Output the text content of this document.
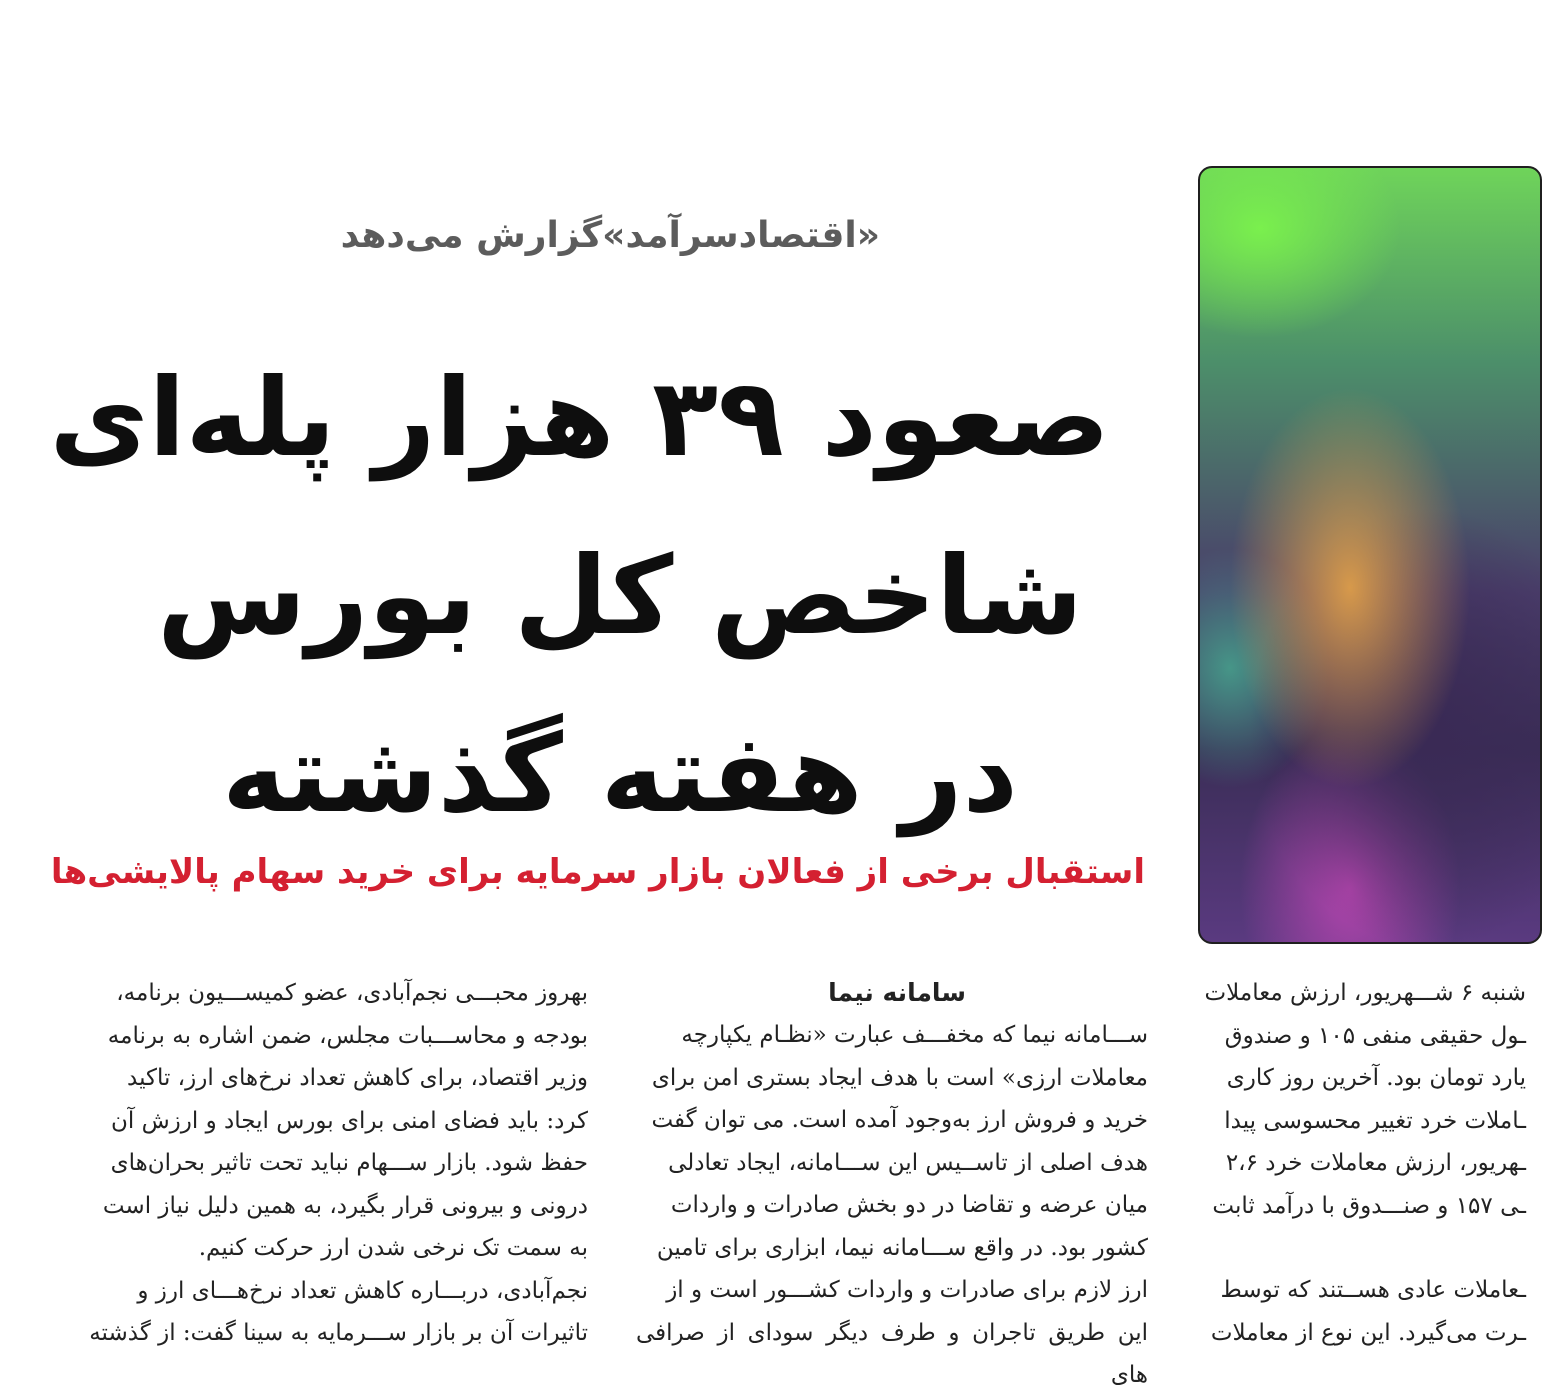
«اقتصادسرآمد»گزارش می‌دهد
صعود ۳۹ هزار پله‌ای
شاخص کل بورس
در هفته گذشته
استقبال برخی از فعالان بازار سرمایه برای خرید سهام پالایشی‌ها

شنبه ۶ شـــهریور، ارزش معاملات

ـول حقیقی منفی ۱۰۵ و صندوق

یارد تومان بود. آخرین روز کاری

ـاملات خرد تغییر محسوسی پیدا

ـهریور، ارزش معاملات خرد ۲،۶

ـی ۱۵۷ و صنـــدوق با درآمد ثابت

ـعاملات عادی هســتند که توسط

ـرت می‌گیرد. این نوع از معاملات

سامانه نیما

ســـامانه نیما که مخفـــف عبارت «نظـام یکپارچه

معاملات ارزی» است با هدف ایجاد بستری امن برای

خرید و فروش ارز به‌وجود آمده است. می توان گفت

هدف اصلی از تاســیس این ســـامانه، ایجاد تعادلی

میان عرضه و تقاضا در دو بخش صادرات و واردات

کشور بود. در واقع ســـامانه نیما، ابزاری برای تامین

ارز لازم برای صادرات و واردات کشـــور است و از

این طریق تاجران و طرف دیگر سودای از صرافی های

بهروز محبـــی نجم‌آبادی، عضو کمیســـیون برنامه،

بودجه و محاســـبات مجلس، ضمن اشاره به برنامه

وزیر اقتصاد، برای کاهش تعداد نرخ‌های ارز، تاکید

کرد: باید فضای امنی برای بورس ایجاد و ارزش آن

حفظ شود. بازار ســـهام نباید تحت تاثیر بحران‌های

درونی و بیرونی قرار بگیرد، به همین دلیل نیاز است

به سمت تک نرخی شدن ارز حرکت کنیم.

نجم‌آبادی، دربـــاره کاهش تعداد نرخ‌هـــای ارز و

تاثیرات آن بر بازار ســـرمایه به سینا گفت: از گذشته
